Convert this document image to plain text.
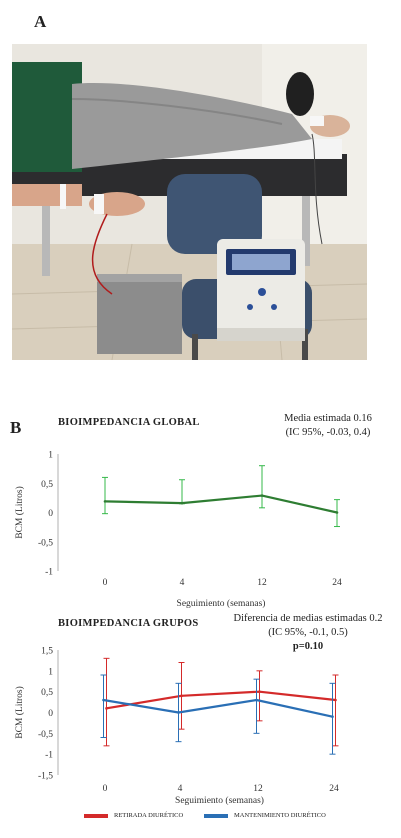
A
B	BIOIMPEDANCIA GLOBAL	Media estimada 0.16
(IC 95%, -0.03, 0.4)
1
0,5
0
-0,5
-1
BCM (Litros)
0	4	12	24
Seguimiento (semanas)
BIOIMPEDANCIA GRUPOS	Diferencia de medias estimadas 0.2
(IC 95%, -0.1, 0.5)
p=0.10
1,5
1
0,5
0
-0,5
-1
-1,5
BCM (Litros)
0	4	12	24
Seguimiento (semanas)
RETIRADA DIURÉTICO	MANTENIMIENTO DIURÉTICO
